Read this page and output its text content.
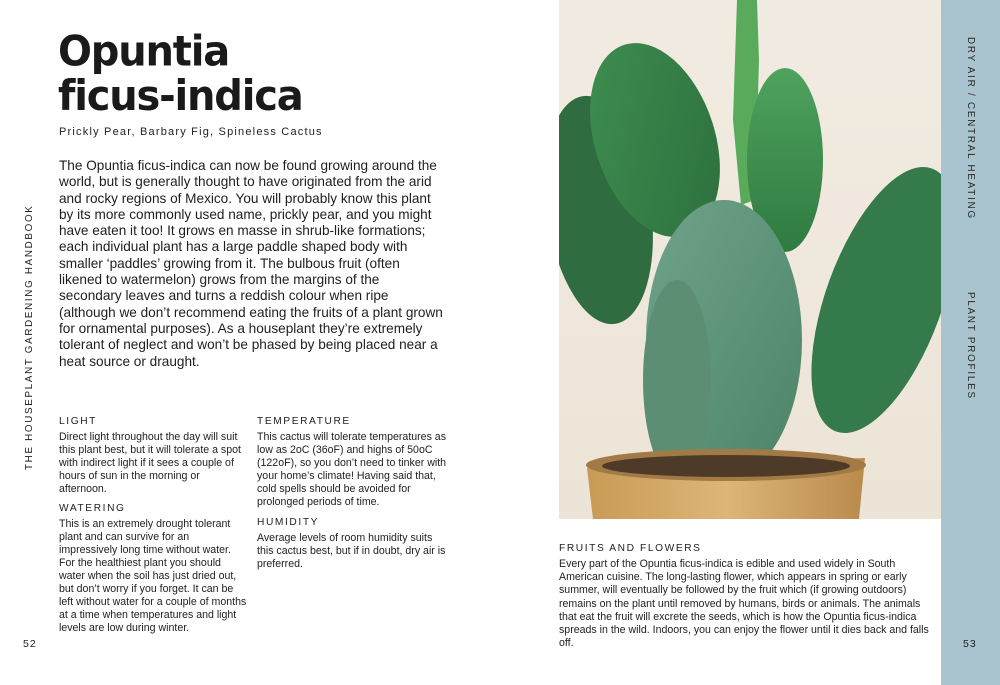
Opuntia
ficus-indica
Prickly Pear, Barbary Fig, Spineless Cactus

The Opuntia ficus-indica can now be found growing around the world, but is generally thought to have originated from the arid and rocky regions of Mexico. You will probably know this plant by its more commonly used name, prickly pear, and you might have eaten it too! It grows en masse in shrub-like formations; each individual plant has a large paddle shaped body with smaller ‘paddles’ growing from it. The bulbous fruit (often likened to watermelon) grows from the margins of the secondary leaves and turns a reddish colour when ripe (although we don’t recommend eating the fruits of a plant grown for ornamental purposes). As a houseplant they’re extremely tolerant of neglect and won’t be phased by being placed near a heat source or draught.

LIGHT
Direct light throughout the day will suit this plant best, but it will tolerate a spot with indirect light if it sees a couple of hours of sun in the morning or afternoon.
WATERING
This is an extremely drought tolerant plant and can survive for an impressively long time without water. For the healthiest plant you should water when the soil has just dried out, but don’t worry if you forget. It can be left without water for a couple of months at a time when temperatures and light levels are low during winter.
TEMPERATURE
This cactus will tolerate temperatures as low as 2oC (36oF) and highs of 50oC (122oF), so you don’t need to tinker with your home’s climate! Having said that, cold spells should be avoided for prolonged periods of time.
HUMIDITY
Average levels of room humidity suits this cactus best, but if in doubt, dry air is preferred.
THE HOUSEPLANT GARDENING HANDBOOK
52
FRUITS AND FLOWERS
Every part of the Opuntia ficus-indica is edible and used widely in South American cuisine. The long-lasting flower, which appears in spring or early summer, will eventually be followed by the fruit which (if growing outdoors) remains on the plant until removed by humans, birds or animals. The animals that eat the fruit will excrete the seeds, which is how the Opuntia ficus-indica spreads in the wild. Indoors, you can enjoy the flower until it dies back and falls off.
DRY AIR / CENTRAL HEATING
PLANT PROFILES
53
